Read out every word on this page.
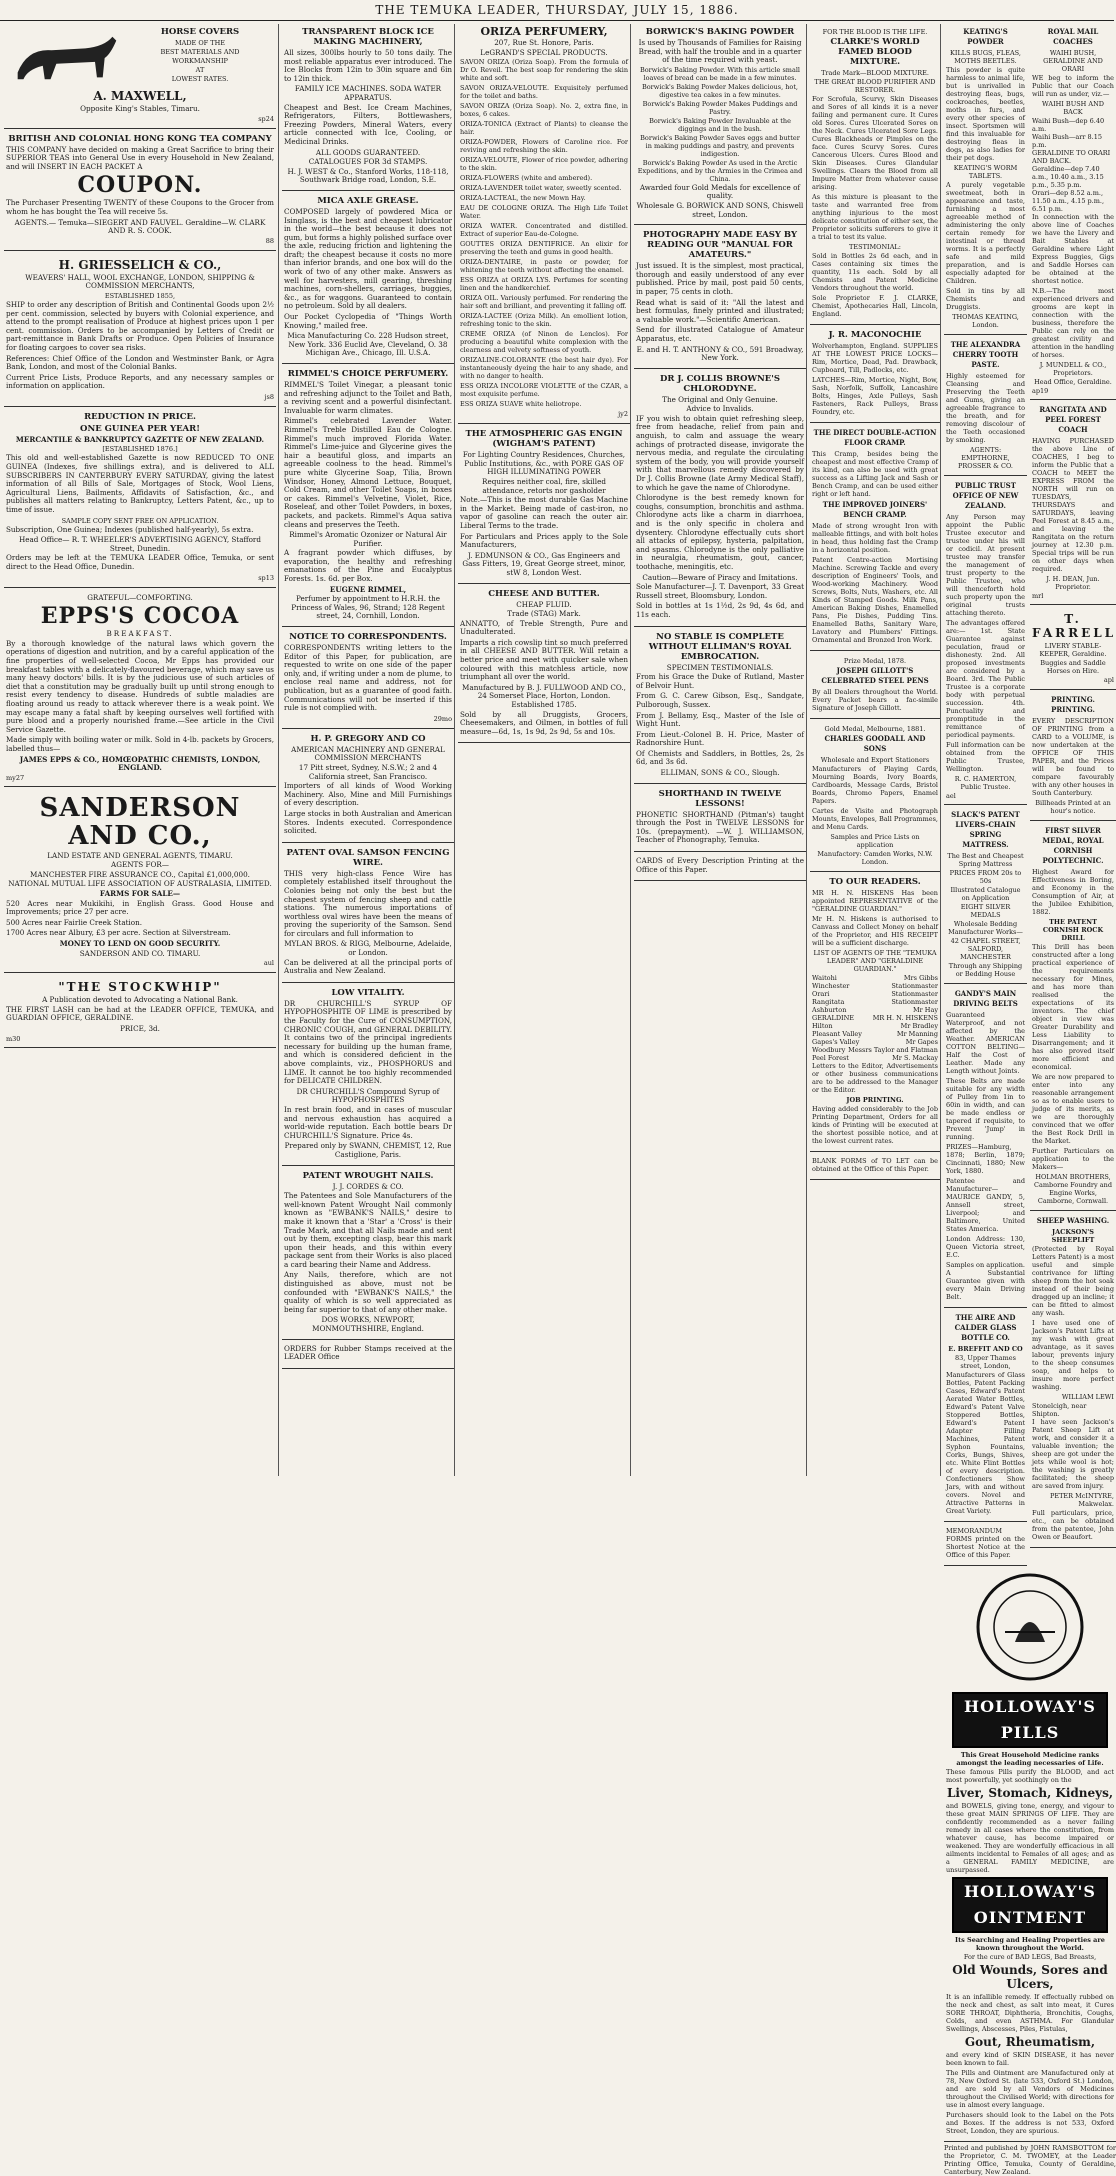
THE TEMUKA LEADER, THURSDAY, JULY 15, 1886.
HORSE COVERS
MADE OF THE
BEST MATERIALS AND
WORKMANSHIP
AT
LOWEST RATES.
A. MAXWELL,
Opposite King's Stables, Timaru.
sp24
BRITISH AND COLONIAL HONG KONG TEA COMPANY
THIS COMPANY have decided on making a Great Sacrifice to bring their SUPERIOR TEAS into General Use in every Household in New Zealand, and will INSERT IN EACH PACKET A
COUPON.
The Purchaser Presenting TWENTY of these Coupons to the Grocer from whom he has bought the Tea will receive 5s.
AGENTS.— Temuka—SIEGERT AND FAUVEL. Geraldine—W. CLARK AND R. S. COOK.
88
H. GRIESSELICH & CO.,
WEAVERS' HALL, WOOL EXCHANGE, LONDON, SHIPPING & COMMISSION MERCHANTS,
ESTABLISHED 1855,
SHIP to order any description of British and Continental Goods upon 2½ per cent. commission, selected by buyers with Colonial experience, and attend to the prompt realisation of Produce at highest prices upon 1 per cent. commission. Orders to be accompanied by Letters of Credit or part-remittance in Bank Drafts or Produce. Open Policies of Insurance for floating cargoes to cover sea risks.
References: Chief Office of the London and Westminster Bank, or Agra Bank, London, and most of the Colonial Banks.
Current Price Lists, Produce Reports, and any necessary samples or information on application.
js8
REDUCTION IN PRICE.
ONE GUINEA PER YEAR!
MERCANTILE & BANKRUPTCY GAZETTE OF NEW ZEALAND.
[ESTABLISHED 1876.]
This old and well-established Gazette is now REDUCED TO ONE GUINEA (Indexes, five shillings extra), and is delivered to ALL SUBSCRIBERS IN CANTERBURY EVERY SATURDAY, giving the latest information of all Bills of Sale, Mortgages of Stock, Wool Liens, Agricultural Liens, Bailments, Affidavits of Satisfaction, &c., and publishes all matters relating to Bankruptcy, Letters Patent, &c., up to time of issue.
SAMPLE COPY SENT FREE ON APPLICATION.
Subscription, One Guinea; Indexes (published half-yearly), 5s extra.
Head Office— R. T. WHEELER'S ADVERTISING AGENCY, Stafford Street, Dunedin.
Orders may be left at the TEMUKA LEADER Office, Temuka, or sent direct to the Head Office, Dunedin.
sp13
GRATEFUL—COMFORTING.
EPPS'S COCOA
BREAKFAST.
By a thorough knowledge of the natural laws which govern the operations of digestion and nutrition, and by a careful application of the fine properties of well-selected Cocoa, Mr Epps has provided our breakfast tables with a delicately-flavoured beverage, which may save us many heavy doctors' bills. It is by the judicious use of such articles of diet that a constitution may be gradually built up until strong enough to resist every tendency to disease. Hundreds of subtle maladies are floating around us ready to attack wherever there is a weak point. We may escape many a fatal shaft by keeping ourselves well fortified with pure blood and a properly nourished frame.—See article in the Civil Service Gazette.
Made simply with boiling water or milk. Sold in 4-lb. packets by Grocers, labelled thus—
JAMES EPPS & CO., HOMŒOPATHIC CHEMISTS, LONDON, ENGLAND.
my27
SANDERSON AND CO.,
LAND ESTATE AND GENERAL AGENTS, TIMARU.
AGENTS FOR—
MANCHESTER FIRE ASSURANCE CO., Capital £1,000,000.
NATIONAL MUTUAL LIFE ASSOCIATION OF AUSTRALASIA, LIMITED.
FARMS FOR SALE—
520 Acres near Mukikihi, in English Grass. Good House and Improvements; price 27 per acre.
500 Acres near Fairlie Creek Station.
1700 Acres near Albury, £3 per acre. Section at Silverstream.
MONEY TO LEND ON GOOD SECURITY.
SANDERSON AND CO. TIMARU.
aul
"THE STOCKWHIP"
A Publication devoted to Advocating a National Bank.
THE FIRST LASH can be had at the LEADER OFFICE, TEMUKA, and GUARDIAN OFFICE, GERALDINE.
PRICE, 3d.
m30
TRANSPARENT BLOCK ICE MAKING MACHINERY,
All sizes, 300lbs hourly to 50 tons daily. The most reliable apparatus ever introduced. The Ice Blocks from 12in to 30in square and 6in to 12in thick.
FAMILY ICE MACHINES. SODA WATER APPARATUS.
Cheapest and Best. Ice Cream Machines, Refrigerators, Filters, Bottlewashers, Freezing Powders, Mineral Waters, every article connected with Ice, Cooling, or Medicinal Drinks.
ALL GOODS GUARANTEED.
CATALOGUES FOR 3d STAMPS.
H. J. WEST & Co., Stanford Works, 118-118, Southwark Bridge road, London, S.E.
MICA AXLE GREASE.
COMPOSED largely of powdered Mica or Isinglass, is the best and cheapest lubricator in the world—the best because it does not gum, but forms a highly polished surface over the axle, reducing friction and lightening the draft; the cheapest because it costs no more than inferior brands, and one box will do the work of two of any other make. Answers as well for harvesters, mill gearing, threshing machines, corn-shellers, carriages, buggies, &c., as for waggons. Guaranteed to contain no petroleum. Sold by all dealers.
Our Pocket Cyclopedia of "Things Worth Knowing," mailed free.
Mica Manufacturing Co. 228 Hudson street, New York. 336 Euclid Ave, Cleveland, O. 38 Michigan Ave., Chicago, Ill. U.S.A.
RIMMEL'S CHOICE PERFUMERY.
RIMMEL'S Toilet Vinegar, a pleasant tonic and refreshing adjunct to the Toilet and Bath, a reviving scent and a powerful disinfectant. Invaluable for warm climates.
Rimmel's celebrated Lavender Water. Rimmel's Treble Distilled Eau de Cologne. Rimmel's much improved Florida Water. Rimmel's Lime-juice and Glycerine gives the hair a beautiful gloss, and imparts an agreeable coolness to the head. Rimmel's pure white Glycerine Soap, Tilia, Brown Windsor, Honey, Almond Lettuce, Bouquet, Cold Cream, and other Toilet Soaps, in boxes or cakes. Rimmel's Velvetine, Violet, Rice, Roseleaf, and other Toilet Powders, in boxes, packets, and packets. Rimmel's Aqua sativa cleans and preserves the Teeth.
Rimmel's Aromatic Ozonizer or Natural Air Purifier.
A fragrant powder which diffuses, by evaporation, the healthy and refreshing emanations of the Pine and Eucalyptus Forests. 1s. 6d. per Box.
EUGENE RIMMEL,
Perfumer by appointment to H.R.H. the Princess of Wales, 96, Strand; 128 Regent street, 24, Cornhill, London.
NOTICE TO CORRESPONDENTS.
CORRESPONDENTS writing letters to the Editor of this Paper, for publication, are requested to write on one side of the paper only, and, if writing under a nom de plume, to enclose real name and address, not for publication, but as a guarantee of good faith. Communications will not be inserted if this rule is not complied with.
29mo
H. P. GREGORY AND CO
AMERICAN MACHINERY AND GENERAL COMMISSION MERCHANTS
17 Pitt street, Sydney, N.S.W.; 2 and 4 California street, San Francisco.
Importers of all kinds of Wood Working Machinery. Also, Mine and Mill Furnishings of every description.
Large stocks in both Australian and American Stores. Indents executed. Correspondence solicited.
PATENT OVAL SAMSON FENCING WIRE.
THIS very high-class Fence Wire has completely established itself throughout the Colonies being not only the best but the cheapest system of fencing sheep and cattle stations. The numerous importations of worthless oval wires have been the means of proving the superiority of the Samson. Send for circulars and full information to
MYLAN BROS. & RIGG, Melbourne, Adelaide, or London.
Can be delivered at all the principal ports of Australia and New Zealand.
LOW VITALITY.
DR CHURCHILL'S SYRUP OF HYPOPHOSPHITE OF LIME is prescribed by the Faculty for the Cure of CONSUMPTION, CHRONIC COUGH, and GENERAL DEBILITY. It contains two of the principal ingredients necessary for building up the human frame, and which is considered deficient in the above complaints, viz., PHOSPHORUS and LIME. It cannot be too highly recommended for DELICATE CHILDREN.
DR CHURCHILL'S Compound Syrup of HYPOPHOSPHITES
In rest brain food, and in cases of muscular and nervous exhaustion has acquired a world-wide reputation. Each bottle bears Dr CHURCHILL'S Signature. Price 4s.
Prepared only by SWANN, CHEMIST, 12, Rue Castiglione, Paris.
PATENT WROUGHT NAILS.
J. J. CORDES & CO.
The Patentees and Sole Manufacturers of the well-known Patent Wrought Nail commonly known as "EWBANK'S NAILS," desire to make it known that a 'Star' a 'Cross' is their Trade Mark, and that all Nails made and sent out by them, excepting clasp, bear this mark upon their heads, and this within every package sent from their Works is also placed a card bearing their Name and Address.
Any Nails, therefore, which are not distinguished as above, must not be confounded with "EWBANK'S NAILS," the quality of which is so well appreciated as being far superior to that of any other make.
DOS WORKS, NEWPORT, MONMOUTHSHIRE, England.
ORDERS for Rubber Stamps received at the LEADER Office
ORIZA PERFUMERY,
207, Rue St. Honore, Paris.
LeGRAND'S SPECIAL PRODUCTS.
SAVON ORIZA (Oriza Soap). From the formula of Dr O. Reveil. The best soap for rendering the skin white and soft.
SAVON ORIZA-VELOUTE. Exquisitely perfumed for the toilet and baths.
SAVON ORIZA (Oriza Soap). No. 2, extra fine, in boxes, 6 cakes.
ORIZA-TONICA (Extract of Plants) to cleanse the hair.
ORIZA-POWDER, Flowers of Caroline rice. For reviving and refreshing the skin.
ORIZA-VELOUTE, Flower of rice powder, adhering to the skin.
ORIZA-FLOWERS (white and ambered).
ORIZA-LAVENDER toilet water, sweetly scented.
ORIZA-LACTEAL, the new Mown Hay.
EAU DE COLOGNE ORIZA. The High Life Toilet Water.
ORIZA WATER. Concentrated and distilled. Extract of superior Eau-de-Cologne.
GOUTTES ORIZA DENTIFRICE. An elixir for preserving the teeth and gums in good health.
ORIZA-DENTAIRE, in paste or powder, for whitening the teeth without affecting the enamel.
ESS ORIZA at ORIZA LYS. Perfumes for scenting linen and the handkerchief.
ORIZA OIL. Variously perfumed. For rendering the hair soft and brilliant, and preventing it falling off.
ORIZA-LACTEE (Oriza Milk). An emollient lotion, refreshing tonic to the skin.
CREME ORIZA (of Ninon de Lenclos). For producing a beautiful white complexion with the clearness and velvety softness of youth.
ORIZALINE-COLORANTE (the best hair dye). For instantaneously dyeing the hair to any shade, and with no danger to health.
ESS ORIZA INCOLORE VIOLETTE of the CZAR, a most exquisite perfume.
ESS ORIZA SUAVE white heliotrope.
jy2
THE ATMOSPHERIC GAS ENGIN (WIGHAM'S PATENT)
For Lighting Country Residences, Churches, Public Institutions, &c., with PORE GAS OF HIGH ILLUMINATING POWER
Requires neither coal, fire, skilled attendance, retorts nor gasholder
Note.—This is the most durable Gas Machine in the Market. Being made of cast-iron, no vapor of gasoline can reach the outer air. Liberal Terms to the trade.
For Particulars and Prices apply to the Sole Manufacturers,
J. EDMUNSON & CO., Gas Engineers and Gass Fitters, 19, Great George street, minor, stW 8, London West.
CHEESE AND BUTTER.
CHEAP FLUID.
Trade (STAG) Mark.
ANNATTO, of Treble Strength, Pure and Unadulterated.
Imparts a rich cowslip tint so much preferred in all CHEESE AND BUTTER. Will retain a better price and meet with quicker sale when coloured with this matchless article, now triumphant all over the world.
Manufactured by B. J. FULLWOOD AND CO., 24 Somerset Place, Horton, London. Established 1785.
Sold by all Druggists, Grocers, Cheesemakers, and Oilmen, in bottles of full measure—6d, 1s, 1s 9d, 2s 9d, 5s and 10s.
BORWICK'S BAKING POWDER
Is used by Thousands of Families for Raising Bread, with half the trouble and in a quarter of the time required with yeast.
Borwick's Baking Powder. With this article small loaves of bread can be made in a few minutes.
Borwick's Baking Powder Makes delicious, hot, digestive tea cakes in a few minutes.
Borwick's Baking Powder Makes Puddings and Pastry.
Borwick's Baking Powder Invaluable at the diggings and in the bush.
Borwick's Baking Powder Saves eggs and butter in making puddings and pastry, and prevents indigestion.
Borwick's Baking Powder As used in the Arctic Expeditions, and by the Armies in the Crimea and China.
Awarded four Gold Medals for excellence of quality.
Wholesale G. BORWICK AND SONS, Chiswell street, London.
PHOTOGRAPHY MADE EASY BY READING OUR "MANUAL FOR AMATEURS."
Just issued. It is the simplest, most practical, thorough and easily understood of any ever published. Price by mail, post paid 50 cents, in paper, 75 cents in cloth.
Read what is said of it: "All the latest and best formulas, finely printed and illustrated; a valuable work."—Scientific American.
Send for illustrated Catalogue of Amateur Apparatus, etc.
E. and H. T. ANTHONY & CO., 591 Broadway, New York.
DR J. COLLIS BROWNE'S CHLORODYNE.
The Original and Only Genuine.
Advice to Invalids.
IF you wish to obtain quiet refreshing sleep, free from headache, relief from pain and anguish, to calm and assuage the weary achings of protracted disease, invigorate the nervous media, and regulate the circulating system of the body, you will provide yourself with that marvellous remedy discovered by Dr J. Collis Browne (late Army Medical Staff), to which he gave the name of Chlorodyne.
Chlorodyne is the best remedy known for coughs, consumption, bronchitis and asthma. Chlorodyne acts like a charm in diarrhoea, and is the only specific in cholera and dysentery. Chlorodyne effectually cuts short all attacks of epilepsy, hysteria, palpitation, and spasms. Chlorodyne is the only palliative in neuralgia, rheumatism, gout, cancer, toothache, meningitis, etc.
Caution—Beware of Piracy and Imitations.
Sole Manufacturer—J. T. Davenport, 33 Great Russell street, Bloomsbury, London.
Sold in bottles at 1s 1½d, 2s 9d, 4s 6d, and 11s each.
NO STABLE IS COMPLETE WITHOUT ELLIMAN'S ROYAL EMBROCATION.
SPECIMEN TESTIMONIALS.
From his Grace the Duke of Rutland, Master of Belvoir Hunt.
From G. C. Carew Gibson, Esq., Sandgate, Pulborough, Sussex.
From J. Bellamy, Esq., Master of the Isle of Wight Hunt.
From Lieut.-Colonel B. H. Price, Master of Radnorshire Hunt.
Of Chemists and Saddlers, in Bottles, 2s, 2s 6d, and 3s 6d.
ELLIMAN, SONS & CO., Slough.
SHORTHAND IN TWELVE LESSONS!
PHONETIC SHORTHAND (Pitman's) taught through the Post in TWELVE LESSONS for 10s. (prepayment). —W. J. WILLIAMSON, Teacher of Phonography, Temuka.
CARDS of Every Description Printing at the Office of this Paper.
FOR THE BLOOD IS THE LIFE.
CLARKE'S WORLD FAMED BLOOD MIXTURE.
Trade Mark—BLOOD MIXTURE.
THE GREAT BLOOD PURIFIER AND RESTORER.
For Scrofula, Scurvy, Skin Diseases and Sores of all kinds it is a never failing and permanent cure. It Cures old Sores. Cures Ulcerated Sores on the Neck. Cures Ulcerated Sore Legs. Cures Blackheads or Pimples on the face. Cures Scurvy Sores. Cures Cancerous Ulcers. Cures Blood and Skin Diseases. Cures Glandular Swellings. Clears the Blood from all Impure Matter from whatever cause arising.
As this mixture is pleasant to the taste and warranted free from anything injurious to the most delicate constitution of either sex, the Proprietor solicits sufferers to give it a trial to test its value.
TESTIMONIAL:
Sold in Bottles 2s 6d each, and in Cases containing six times the quantity, 11s each. Sold by all Chemists and Patent Medicine Vendors throughout the world.
Sole Proprietor F. J. CLARKE, Chemist, Apothecaries Hall, Lincoln, England.
J. R. MACONOCHIE
Wolverhampton, England. SUPPLIES AT THE LOWEST PRICE LOCKS—Rim, Mortice, Dead, Pad. Drawback, Cupboard, Till, Padlocks, etc.
LATCHES—Rim, Mortice, Night, Bow, Sash, Norfolk, Suffolk, Lancashire Bolts, Hinges, Axle Pulleys, Sash Fasteners, Rack Pulleys, Brass Foundry, etc.
THE DIRECT DOUBLE-ACTION FLOOR CRAMP.
This Cramp, besides being the cheapest and most effective Cramp of its kind, can also be used with great success as a Lifting Jack and Sash or Bench Cramp, and can be used either right or left hand.
THE IMPROVED JOINERS' BENCH CRAMP.
Made of strong wrought Iron with malleable fittings, and with bolt holes in head, thus holding fast the Cramp in a horizontal position.
Patent Centre-action Mortising Machine. Screwing Tackle and every description of Engineers' Tools, and Wood-working Machinery. Wood Screws, Bolts, Nuts, Washers, etc. All Kinds of Stamped Goods. Milk Pans, American Baking Dishes, Enamelled Pans, Pie Dishes, Pudding Tins. Enamelled Baths, Sanitary Ware, Lavatory and Plumbers' Fittings. Ornamental and Bronzed Iron Work.
Prize Medal, 1878.
JOSEPH GILLOTT'S CELEBRATED STEEL PENS
By all Dealers throughout the World. Every Packet bears a fac-simile Signature of Joseph Gillott.
Gold Medal, Melbourne, 1881.
CHARLES GOODALL AND SONS
Wholesale and Export Stationers
Manufacturers of Playing Cards, Mourning Boards, Ivory Boards, Cardboards, Message Cards, Bristol Boards, Chromo Papers, Enamel Papers.
Cartes de Visite and Photograph Mounts, Envelopes, Ball Programmes, and Menu Cards.
Samples and Price Lists on application
Manufactory: Camden Works, N.W. London.
TO OUR READERS.
MR H. N. HISKENS Has been appointed REPRESENTATIVE of the "GERALDINE GUARDIAN."
Mr H. N. Hiskens is authorised to Canvass and Collect Money on behalf of the Proprietor, and HIS RECEIPT will be a sufficient discharge.
LIST OF AGENTS OF THE "TEMUKA LEADER" AND "GERALDINE GUARDIAN."
Waitohi	Mrs Gibbs
Winchester	Stationmaster
Orari	Stationmaster
Rangitata	Stationmaster
Ashburton	Mr Hay
GERALDINE	MR H. N. HISKENS
Hilton	Mr Bradley
Pleasant Valley	Mr Manning
Gapes's Valley	Mr Gapes
Woodbury Messrs Taylor and Flatman
Peel Forest	Mr S. Mackay
Letters to the Editor, Advertisements or other business communications are to be addressed to the Manager or the Editor.
JOB PRINTING.
Having added considerably to the Job Printing Department, Orders for all kinds of Printing will be executed at the shortest possible notice, and at the lowest current rates.
BLANK FORMS of TO LET can be obtained at the Office of this Paper.
KEATING'S POWDER
KILLS BUGS, FLEAS, MOTHS BEETLES.
This powder is quite harmless to animal life, but is unrivalled in destroying fleas, bugs, cockroaches, beetles, moths in furs, and every other species of insect. Sportsmen will find this invaluable for destroying fleas in dogs, as also ladies for their pet dogs.
KEATING'S WORM TABLETS.
A purely vegetable sweetmeat, both in appearance and taste, furnishing a most agreeable method of administering the only certain remedy for intestinal or thread worms. It is a perfectly safe and mild preparation, and is especially adapted for Children.
Sold in tins by all Chemists and Druggists.
THOMAS KEATING, London.
THE ALEXANDRA CHERRY TOOTH PASTE.
Highly esteemed for Cleansing and Preserving the Teeth and Gums, giving an agreeable fragrance to the breath, and for removing discolour of the Teeth occasioned by smoking.
AGENTS: EMPTHORNE, PROSSER & CO.
PUBLIC TRUST OFFICE OF NEW ZEALAND.
Any Person may appoint the Public Trustee executor and trustee under his will or codicil. At present trustee may transfer the management of trust property to the Public Trustee, who will thenceforth hold such property upon the original trusts attaching thereto.
The advantages offered are:— 1st. State Guarantee against peculation, fraud or dishonesty. 2nd. All proposed investments are considered by a Board. 3rd. The Public Trustee is a corporate body with perpetual succession. 4th. Punctuality and promptitude in the remittance of periodical payments.
Full information can be obtained from the Public Trustee, Wellington.
R. C. HAMERTON, Public Trustee.
ael
SLACK'S PATENT LIVERS-CHAIN SPRING MATTRESS.
The Best and Cheapest Spring Mattress
PRICES FROM 20s to 50s
Illustrated Catalogue on Application
EIGHT SILVER MEDALS
Wholesale Bedding Manufacturer Works—
42 CHAPEL STREET, SALFORD, MANCHESTER
Through any Shipping or Bedding House
GANDY'S MAIN DRIVING BELTS
Guaranteed Waterproof, and not affected by the Weather. AMERICAN COTTON BELTING—Half the Cost of Leather. Made any Length without Joints.
These Belts are made suitable for any width of Pulley from 1in to 60in in width, and can be made endless or tapered if requisite, to Prevent 'Jump' in running.
PRIZES—Hamburg, 1878; Berlin, 1879; Cincinnati, 1880; New York, 1880.
Patentee and Manufacturer— MAURICE GANDY, 5, Annsell street, Liverpool; and Baltimore, United States America.
London Address: 130, Queen Victoria street, E.C.
Samples on application. A Substantial Guarantee given with every Main Driving Belt.
THE AIRE AND CALDER GLASS BOTTLE CO.
E. BREFFIT AND CO
83, Upper Thames street, London,
Manufacturers of Glass Bottles, Patent Packing Cases, Edward's Patent Aerated Water Bottles, Edward's Patent Valve Stoppered Bottles, Edward's Patent Adapter Filling Machines, Patent Syphon Fountains, Corks, Bungs, Shives, etc. White Flint Bottles of every description. Confectioners Show Jars, with and without covers. Novel and Attractive Patterns in Great Variety.
MEMORANDUM FORMS printed on the Shortest Notice at the Office of this Paper.
ROYAL MAIL COACHES
WAIHI BUSH, GERALDINE AND ORARI
WE beg to inform the Public that our Coach will run as under, viz.—
WAIHI BUSH AND BACK
Waihi Bush—dep 6.40 a.m.
Waihi Bush—arr 8.15 p.m.
GERALDINE TO ORARI AND BACK.
Geraldine—dep 7.40 a.m., 10.40 a.m., 3.15 p.m., 5.35 p.m.
Orari—dep 8.52 a.m., 11.50 a.m., 4.15 p.m., 6.51 p.m.
In connection with the above line of Coaches we have the Livery and Bait Stables at Geraldine where Light Express Buggies, Gigs and Saddle Horses can be obtained at the shortest notice.
N.B.—The most experienced drivers and grooms are kept in connection with the business, therefore the Public can rely on the greatest civility and attention in the handling of horses.
J. MUNDELL & CO., Proprietors.
Head Office, Geraldine.
ap19
RANGITATA AND PEEL FOREST COACH
HAVING PURCHASED the above Line of COACHES, I beg to inform the Public that a COACH to MEET the EXPRESS FROM the NORTH will run on TUESDAYS, THURSDAYS and SATURDAYS, leaving Peel Forest at 8.45 a.m., and leaving the Rangitata on the return journey at 12.30 p.m. Special trips will be run on other days when required.
J. H. DEAN, Jun. Proprietor.
mrl
T. FARRELL
LIVERY STABLE-KEEPER, Geraldine.
Buggies and Saddle Horses on Hire.
apl
PRINTING. PRINTING.
EVERY DESCRIPTION OF PRINTING from a CARD to a VOLUME, is now undertaken at the OFFICE OF THIS PAPER, and the Prices will be found to compare favourably with any other houses in South Canterbury.
Billheads Printed at an hour's notice.
FIRST SILVER MEDAL, ROYAL CORNISH POLYTECHNIC.
Highest Award for Effectiveness in Boring, and Economy in the Consumption of Air, at the Jubilee Exhibition, 1882.
THE PATENT CORNISH ROCK DRILL
This Drill has been constructed after a long practical experience of the requirements necessary for Mines, and has more than realised the expectations of its inventors. The chief object in view was Greater Durability and Less Liability to Disarrangement; and it has also proved itself more efficient and economical.
We are now prepared to enter into any reasonable arrangement so as to enable users to judge of its merits, as we are thoroughly convinced that we offer the Best Rock Drill in the Market.
Further Particulars on application to the Makers—
HOLMAN BROTHERS, Camborne Foundry and Engine Works, Camborne, Cornwall.
SHEEP WASHING.
JACKSON'S SHEEPLIFT
(Protected by Royal Letters Patent) is a most useful and simple contrivance for lifting sheep from the hot soak instead of their being dragged up an incline; it can be fitted to almost any wash.
I have used one of Jackson's Patent Lifts at my wash with great advantage, as it saves labour, prevents injury to the sheep consumes soap, and helps to insure more perfect washing.
WILLIAM LEWI
Stonelcigh, near Shipton.
I have seen Jackson's Patent Sheep Lift at work, and consider it a valuable invention; the sheep are got under the jets while wool is hot; the washing is greatly facilitated; the sheep are saved from injury.
PETER McINTYRE, Makwelax.
Full particulars, price, etc., can be obtained from the patentee, John Owen or Beaufort.
HOLLOWAY'S PILLS
This Great Household Medicine ranks amongst the leading necessaries of Life.
These famous Pills purify the BLOOD, and act most powerfully, yet soothingly on the
Liver, Stomach, Kidneys,
and BOWELS, giving tone, energy, and vigour to these great MAIN SPRINGS OF LIFE. They are confidently recommended as a never failing remedy in all cases where the constitution, from whatever cause, has become impaired or weakened. They are wonderfully efficacious in all ailments incidental to Females of all ages; and as a GENERAL FAMILY MEDICINE, are unsurpassed.
HOLLOWAY'S OINTMENT
Its Searching and Healing Properties are known throughout the World.
For the cure of BAD LEGS, Bad Breasts,
Old Wounds, Sores and Ulcers,
It is an infallible remedy. If effectually rubbed on the neck and chest, as salt into meat, it Cures SORE THROAT, Diphtheria, Bronchitis, Coughs, Colds, and even ASTHMA. For Glandular Swellings, Abscesses, Piles, Fistulas,
Gout, Rheumatism,
and every kind of SKIN DISEASE, it has never been known to fail.
The Pills and Ointment are Manufactured only at 78, New Oxford St. (late 533, Oxford St.) London, and are sold by all Vendors of Medicines throughout the Civilised World; with directions for use in almost every language.
Purchasers should look to the Label on the Pots and Boxes. If the address is not 533, Oxford Street, London, they are spurious.
Printed and published by JOHN RAMSBOTTOM for the Proprietor, C. M. TWOMEY, at the Leader Printing Office, Temuka, County of Geraldine, Canterbury, New Zealand.
